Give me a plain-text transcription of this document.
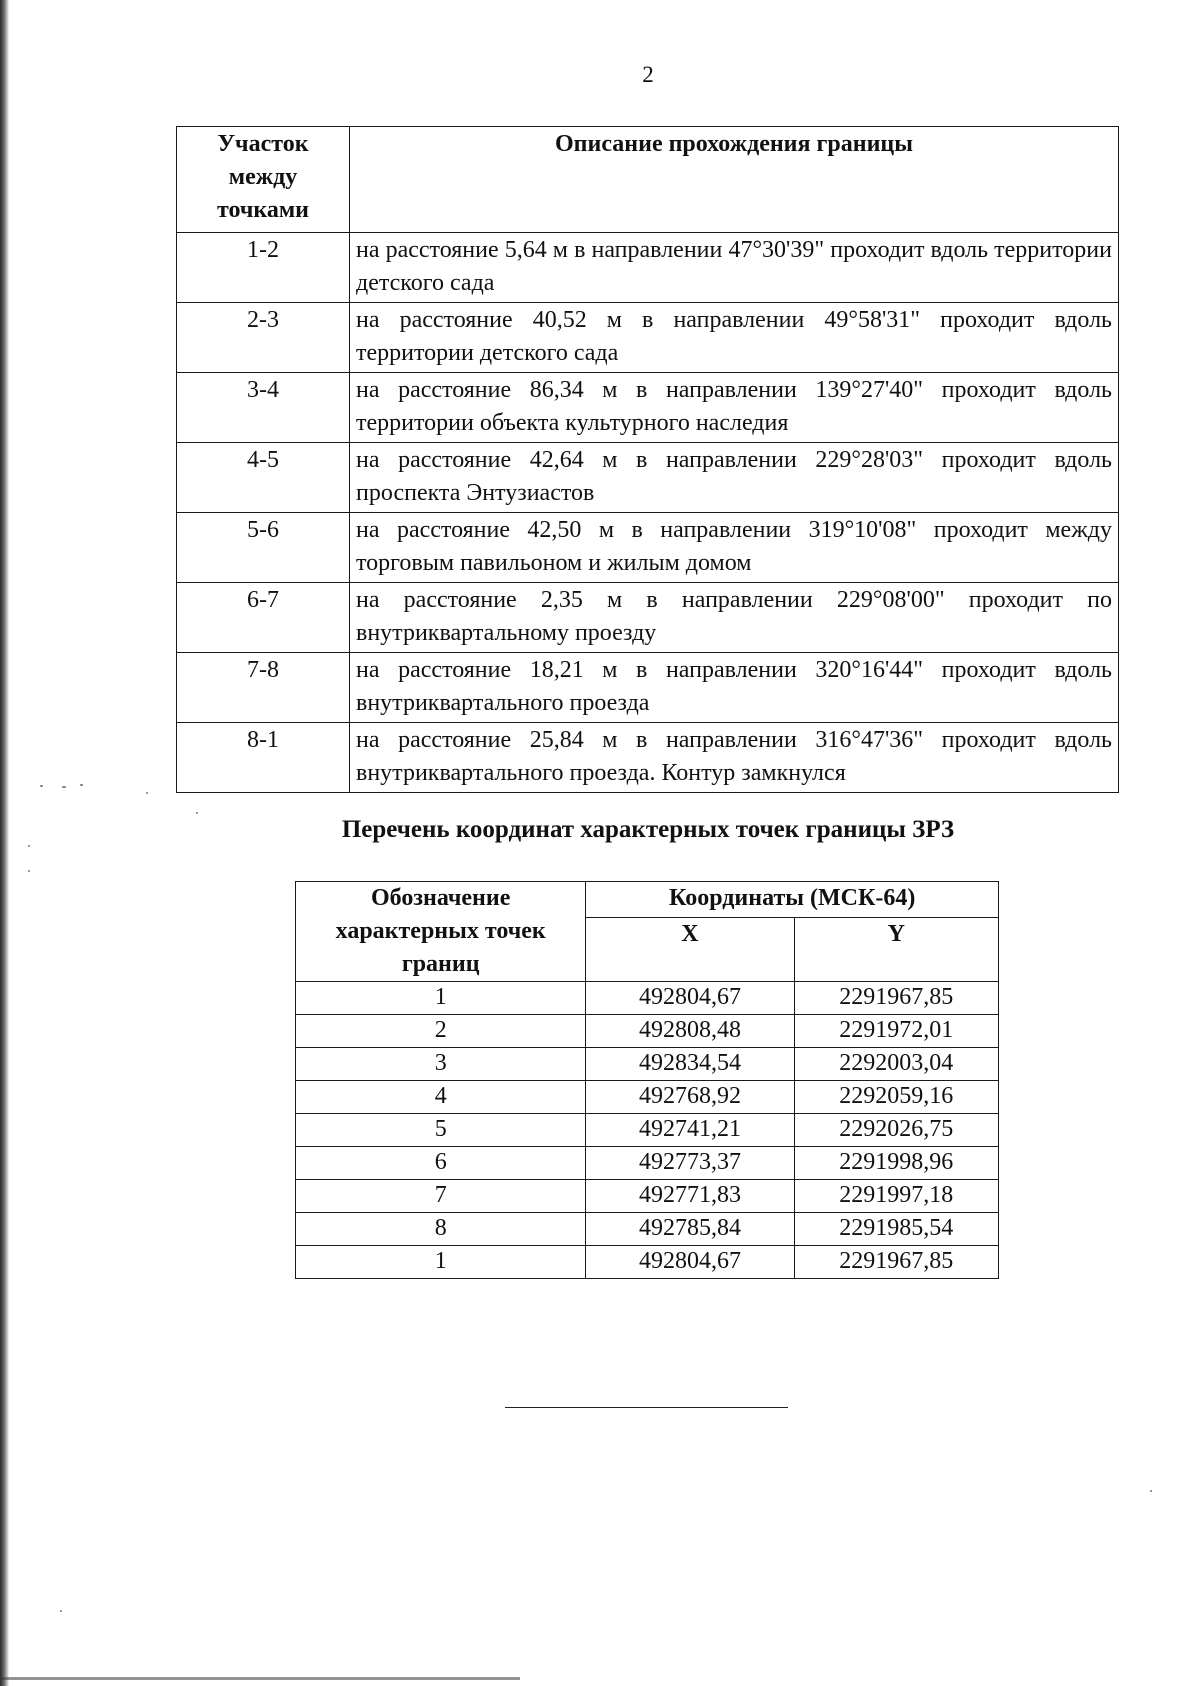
2
Участок между точками	Описание прохождения границы
1-2	на расстояние 5,64 м в направлении 47°30'39" проходит вдоль территории детского сада
2-3	на расстояние 40,52 м в направлении 49°58'31" проходит вдоль территории детского сада
3-4	на расстояние 86,34 м в направлении 139°27'40" проходит вдоль территории объекта культурного наследия
4-5	на расстояние 42,64 м в направлении 229°28'03" проходит вдоль проспекта Энтузиастов
5-6	на расстояние 42,50 м в направлении 319°10'08" проходит между торговым павильоном и жилым домом
6-7	на расстояние 2,35 м в направлении 229°08'00" проходит по внутриквартальному проезду
7-8	на расстояние 18,21 м в направлении 320°16'44" проходит вдоль внутриквартального проезда
8-1	на расстояние 25,84 м в направлении 316°47'36" проходит вдоль внутриквартального проезда. Контур замкнулся
Перечень координат характерных точек границы ЗРЗ
Обозначение характерных точек границ	Координаты (МСК-64)	
	X	Y
1	492804,67	2291967,85
2	492808,48	2291972,01
3	492834,54	2292003,04
4	492768,92	2292059,16
5	492741,21	2292026,75
6	492773,37	2291998,96
7	492771,83	2291997,18
8	492785,84	2291985,54
1	492804,67	2291967,85
